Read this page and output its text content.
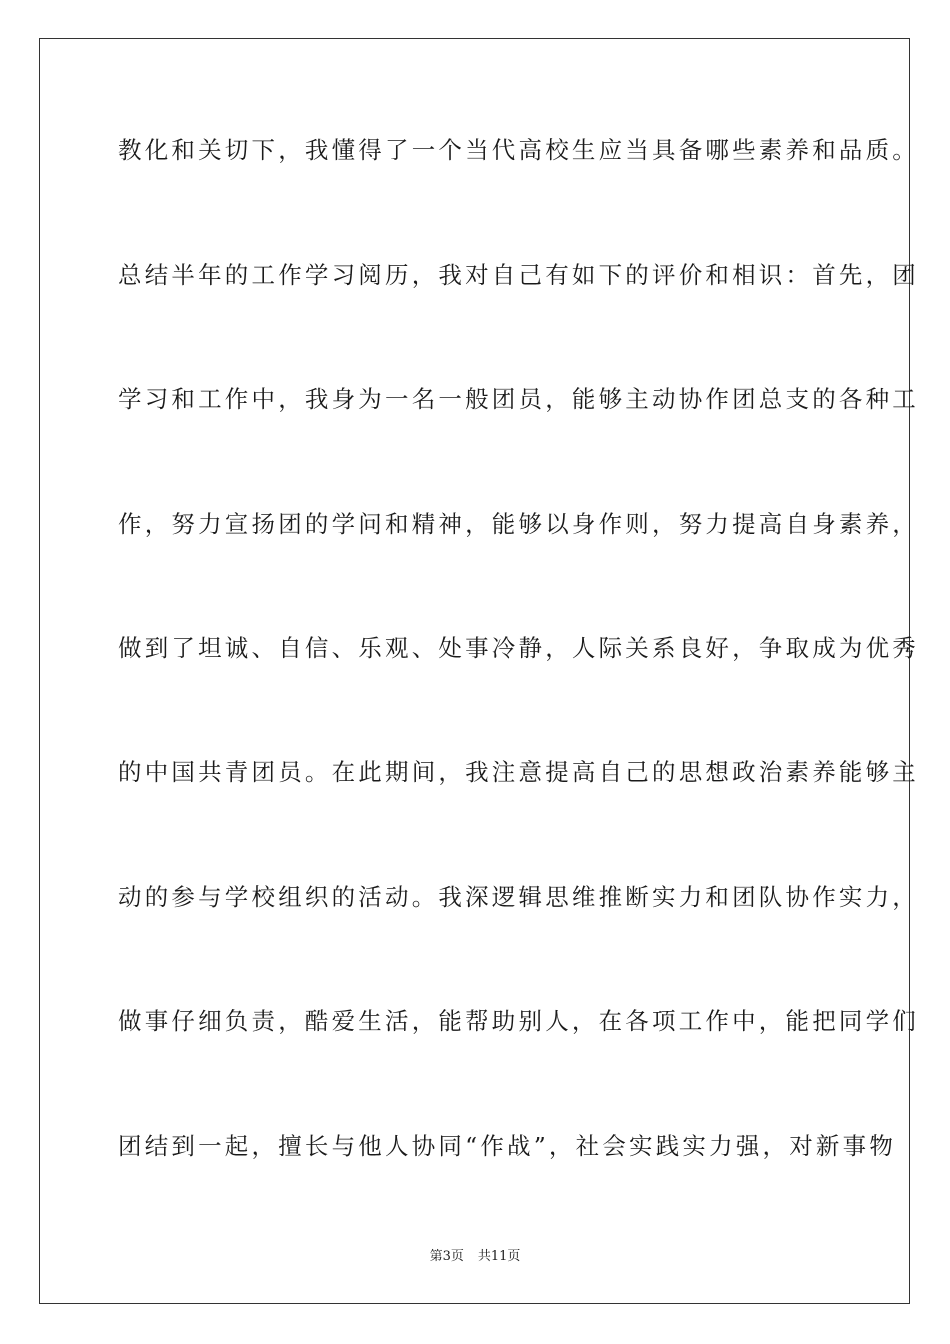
教化和关切下，我懂得了一个当代高校生应当具备哪些素养和品质。
总结半年的工作学习阅历，我对自己有如下的评价和相识：首先，团
学习和工作中，我身为一名一般团员，能够主动协作团总支的各种工
作，努力宣扬团的学问和精神，能够以身作则，努力提高自身素养，
做到了坦诚、自信、乐观、处事冷静，人际关系良好，争取成为优秀
的中国共青团员。在此期间，我注意提高自己的思想政治素养能够主
动的参与学校组织的活动。我深逻辑思维推断实力和团队协作实力，
做事仔细负责，酷爱生活，能帮助别人，在各项工作中，能把同学们
团结到一起，擅长与他人协同“作战”，社会实践实力强，对新事物
第3页 共11页
